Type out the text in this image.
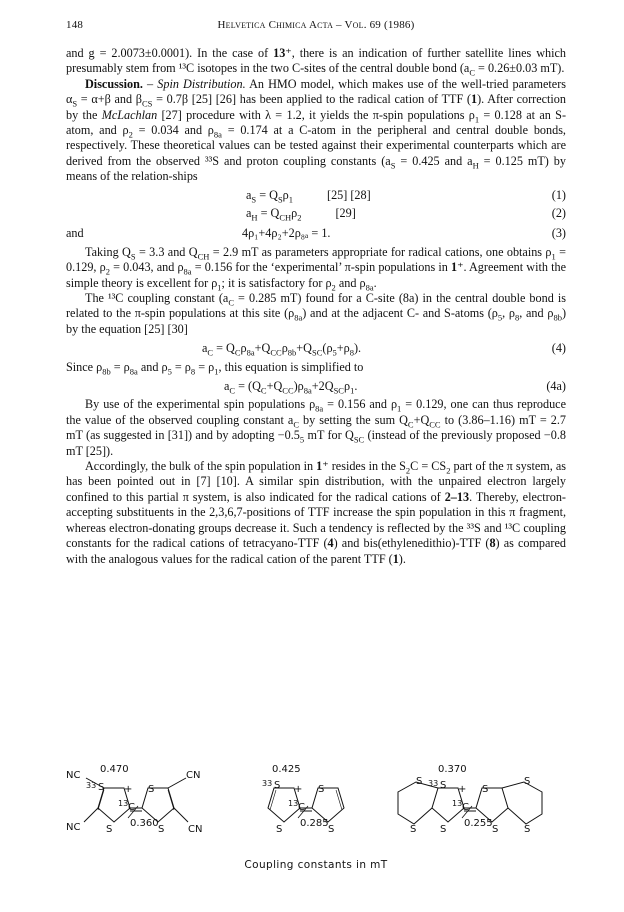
148	Helvetica Chimica Acta – Vol. 69 (1986)

and g = 2.0073±0.0001). In the case of 13⁺, there is an indication of further satellite lines which presumably stem from ¹³C isotopes in the two C-sites of the central double bond ($a_C = 0.26\pm 0.03$ mT).

Discussion. – Spin Distribution. An HMO model, which makes use of the well-tried parameters $\alpha_S = \alpha+\beta$ and $\beta_{CS} = 0.7\beta$ [25] [26] has been applied to the radical cation of TTF (1). After correction by the McLachlan [27] procedure with λ = 1.2, it yields the π-spin populations $\rho_1 = 0.128$ at an S-atom, and $\rho_2 = 0.034$ and $\rho_{8a} = 0.174$ at a C-atom in the peripheral and central double bonds, respectively. These theoretical values can be tested against their experimental counterparts which are derived from the observed ³³S and proton coupling constants ($a_S = 0.425$ and $a_H = 0.125$ mT) by means of the relation-ships

$a_S = Q_S\rho_1$	[25] [28]	(1)
$a_H = Q_{CH}\rho_2$	[29]	(2)
and	4ρ₁+4ρ₂+2ρ₈ₐ = 1.	(3)

Taking $Q_S = 3.3$ and $Q_{CH} = 2.9$ mT as parameters appropriate for radical cations, one obtains $\rho_1 = 0.129$, $\rho_2 = 0.043$, and $\rho_{8a} = 0.156$ for the ‘experimental’ π-spin populations in 1⁺. Agreement with the simple theory is excellent for $\rho_1$; it is satisfactory for $\rho_2$ and $\rho_{8a}$.

The ¹³C coupling constant ($a_C = 0.285$ mT) found for a C-site (8a) in the central double bond is related to the π-spin populations at this site $(\rho_{8a})$ and at the adjacent C- and S-atoms ($\rho_5$, $\rho_8$, and $\rho_{8b}$) by the equation [25] [30]

$a_C = Q_C\rho_{8a}+Q_{CC}\rho_{8b}+Q_{SC}(\rho_5+\rho_8)$.	(4)

Since $\rho_{8b} = \rho_{8a}$ and $\rho_5 = \rho_8 = \rho_1$, this equation is simplified to

$a_C = (Q_C+Q_{CC})\rho_{8a}+2Q_{SC}\rho_1$.	(4a)

By use of the experimental spin populations $\rho_{8a} = 0.156$ and $\rho_1 = 0.129$, one can thus reproduce the value of the observed coupling constant $a_C$ by setting the sum $Q_C+Q_{CC}$ to (3.86–1.16) mT = 2.7 mT (as suggested in [31]) and by adopting $-0.5_5$ mT for $Q_{SC}$ (instead of the previously proposed −0.8 mT [25]).

Accordingly, the bulk of the spin population in 1⁺ resides in the $S_2C = CS_2$ part of the π system, as has been pointed out in [7] [10]. A similar spin distribution, with the unpaired electron largely confined to this partial π system, is also indicated for the radical cations of 2–13. Thereby, electron-accepting substituents in the 2,3,6,7-positions of TTF increase the spin population in this π fragment, whereas electron-donating groups decrease it. Such a tendency is reflected by the ³³S and ¹³C coupling constants for the radical cations of tetracyano-TTF (4) and bis(ethylenedithio)-TTF (8) as compared with the analogous values for the radical cation of the parent TTF (1).

0.470
33 S + S
13 C
0.360
S	S
NC
NC
CN
CN
0.425
33 S + S
13 C
0.285
S	S
0.370
S 33 S + S
S
13 C
0.255
S S	S	S
Coupling constants in mT
